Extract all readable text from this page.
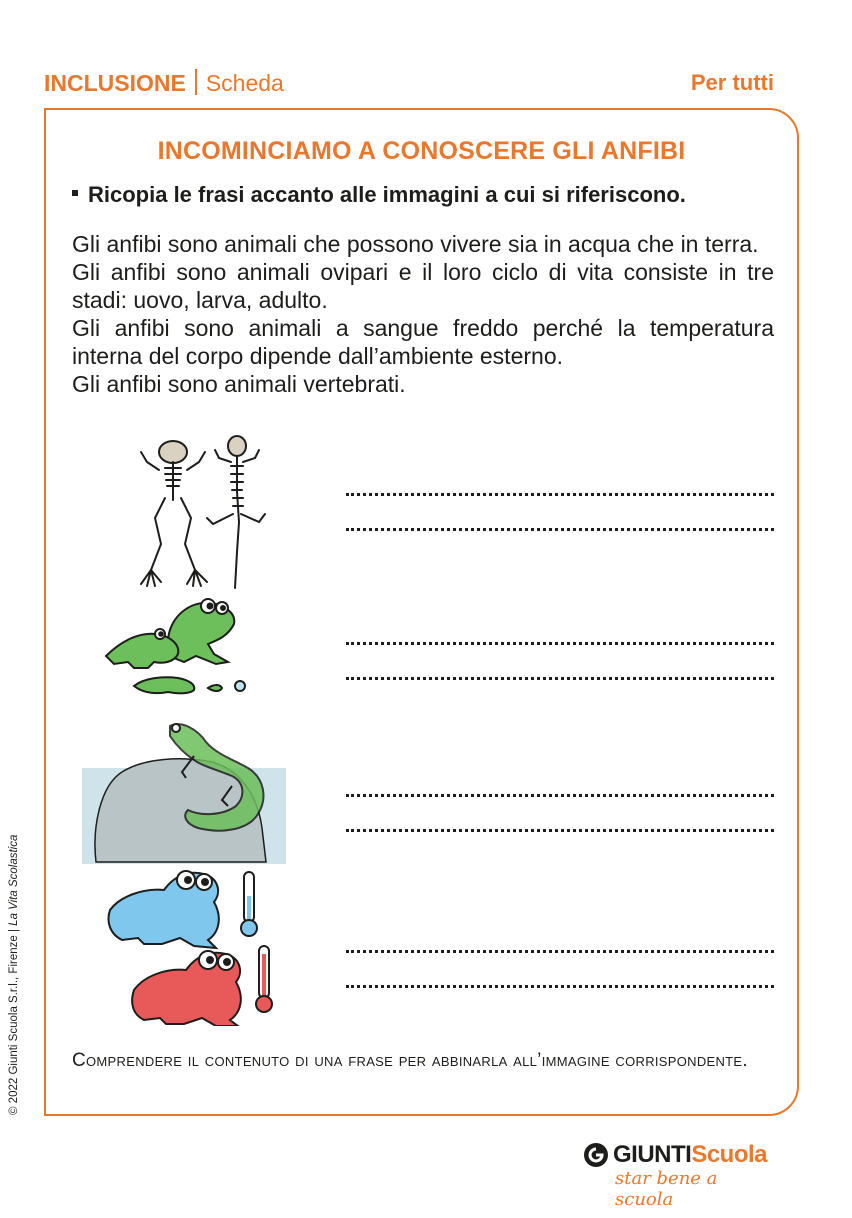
INCLUSIONE Scheda	Per tutti
INCOMINCIAMO A CONOSCERE GLI ANFIBI
Ricopia le frasi accanto alle immagini a cui si riferiscono.

Gli anfibi sono animali che possono vivere sia in acqua che in terra.

Gli anfibi sono animali ovipari e il loro ciclo di vita consiste in tre stadi: uovo, larva, adulto.

Gli anfibi sono animali a sangue freddo perché la temperatura interna del corpo dipende dall’ambiente esterno.

Gli anfibi sono animali vertebrati.

Comprendere il contenuto di una frase per abbinarla all’immagine corrispondente.
© 2022 Giunti Scuola S.r.l., Firenze | La Vita Scolastica
GIUNTIScuola
star bene a scuola
